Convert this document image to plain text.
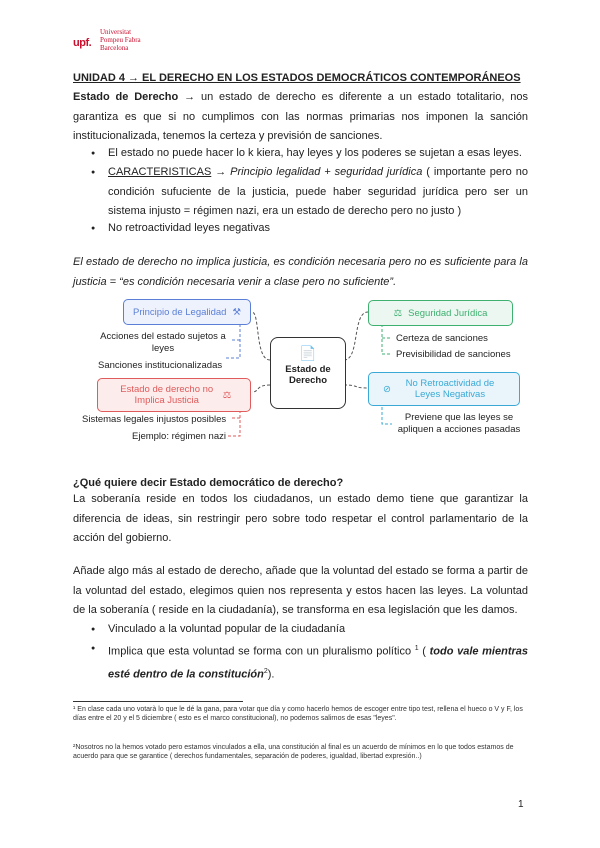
upf.
Universitat
Pompeu Fabra
Barcelona
UNIDAD 4 → EL DERECHO EN LOS ESTADOS DEMOCRÁTICOS CONTEMPORÁNEOS
Estado de Derecho → un estado de derecho es diferente a un estado totalitario, nos garantiza es que si no cumplimos con las normas primarias nos imponen la sanción institucionalizada, tenemos la certeza y previsión de sanciones.
● El estado no puede hacer lo k kiera, hay leyes y los poderes se sujetan a esas leyes.
● CARACTERISTICAS → Principio legalidad + seguridad jurídica ( importante pero no condición sufuciente de la justicia, puede haber seguridad jurídica pero ser un sistema injusto = régimen nazi, era un estado de derecho pero no justo )
● No retroactividad leyes negativas
El estado de derecho no implica justicia, es condición necesaria pero no es suficiente para la justicia = “es condición necesaria venir a clase pero no suficiente”.
Principio de Legalidad ⚒
Acciones del estado sujetos a leyes
Sanciones institucionalizadas
Estado de derecho no Implica Justicia	⚖
Sistemas legales injustos posibles
Ejemplo: régimen nazi
📄
Estado de Derecho
⚖ Seguridad Jurídica
Certeza de sanciones
Previsibilidad de sanciones
⊘	No Retroactividad de Leyes Negativas
Previene que las leyes se apliquen a acciones pasadas
¿Qué quiere decir Estado democrático de derecho?
La soberanía reside en todos los ciudadanos, un estado demo tiene que garantizar la diferencia de ideas, sin restringir pero sobre todo respetar el control parlamentario de la acción del gobierno.
Añade algo más al estado de derecho, añade que la voluntad del estado se forma a partir de la voluntad del estado, elegimos quien nos representa y estos hacen las leyes. La voluntad de la soberanía ( reside en la ciudadanía), se transforma en esa legislación que les damos.
● Vinculado a la voluntad popular de la ciudadanía
● Implica que esta voluntad se forma con un pluralismo político $^1$ ( todo vale mientras esté dentro de la constitución$^2$).
¹ En clase cada uno votarà lo que le dé la gana, para votar que día y como hacerlo hemos de escoger entre tipo test, rellena el hueco o V y F, los días entre el 20 y el 5 diciembre ( esto es el marco constitucional), no podemos salirnos de esas "leyes".
²Nosotros no la hemos votado pero estamos vinculados a ella, una constitución al final es un acuerdo de mínimos en lo que todos estamos de acuerdo para que se garantice ( derechos fundamentales, separación de poderes, igualdad, libertad expresión..)
1
